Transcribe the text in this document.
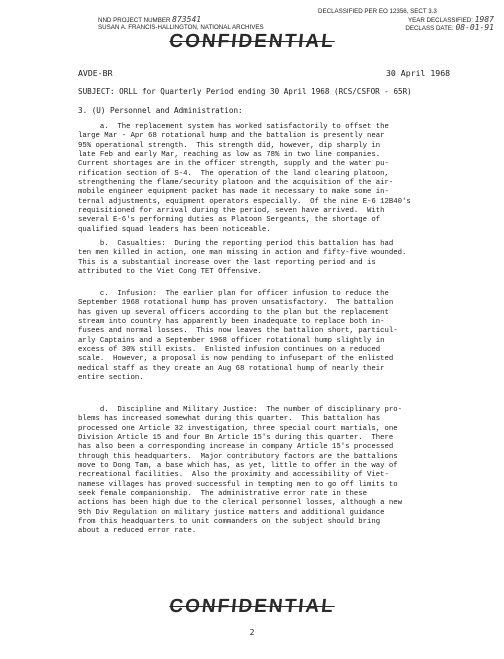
DECLASSIFIED PER EO 12356, SECT 3.3
NND PROJECT NUMBER 873541	YEAR DECLASSIFIED: 1987
SUSAN A. FRANCIS-HALLINGTON, NATIONAL ARCHIVES	DECLASS DATE: 08-01-91
CONFIDENTIAL
AVDE-BR	30 April 1968
SUBJECT: ORLL for Quarterly Period ending 30 April 1968 (RCS/CSFOR - 65R)
3. (U) Personnel and Administration:
a.  The replacement system has worked satisfactorily to offset the
large Mar - Apr 68 rotational hump and the battalion is presently near
95% operational strength.  This strength did, however, dip sharply in
late Feb and early Mar, reaching as low as 78% in two line companies.
Current shortages are in the officer strength, supply and the water pu-
rification section of S-4.  The operation of the land clearing platoon,
strengthening the flame/security platoon and the acquisition of the air-
mobile engineer equipment packet has made it necessary to make some in-
ternal adjustments, equipment operators especially.  Of the nine E-6 12B40's
requisitioned for arrival during the period, seven have arrived.  With
several E-6's performing duties as Platoon Sergeants, the shortage of
qualified squad leaders has been noticeable.
b.  Casualties:  During the reporting period this battalion has had
ten men killed in action, one man missing in action and fifty-five wounded.
This is a substantial increase over the last reporting period and is
attributed to the Viet Cong TET Offensive.
c.  Infusion:  The earlier plan for officer infusion to reduce the
September 1968 rotational hump has proven unsatisfactory.  The battalion
has given up several officers according to the plan but the replacement
stream into country has apparently been inadequate to replace both in-
fusees and normal losses.  This now leaves the battalion short, particul-
arly Captains and a September 1968 officer rotational hump slightly in
excess of 30% still exists.  Enlisted infusion continues on a reduced
scale.  However, a proposal is now pending to infusepart of the enlisted
medical staff as they create an Aug 68 rotational hump of nearly their
entire section.
d.  Discipline and Military Justice:  The number of disciplinary pro-
blems has increased somewhat during this quarter.  This battalion has
processed one Article 32 investigation, three special court martials, one
Division Article 15 and four Bn Article 15's during this quarter.  There
has also been a corresponding increase in company Article 15's processed
through this headquarters.  Major contributory factors are the battalions
move to Dong Tam, a base which has, as yet, little to offer in the way of
recreational facilities.  Also the proximity and accessibility of Viet-
namese villages has proved successful in tempting men to go off limits to
seek female companionship.  The administrative error rate in these
actions has been high due to the clerical personnel losses, although a new
9th Div Regulation on military justice matters and additional guidance
from this headquarters to unit commanders on the subject should bring
about a reduced error rate.
CONFIDENTIAL
2
